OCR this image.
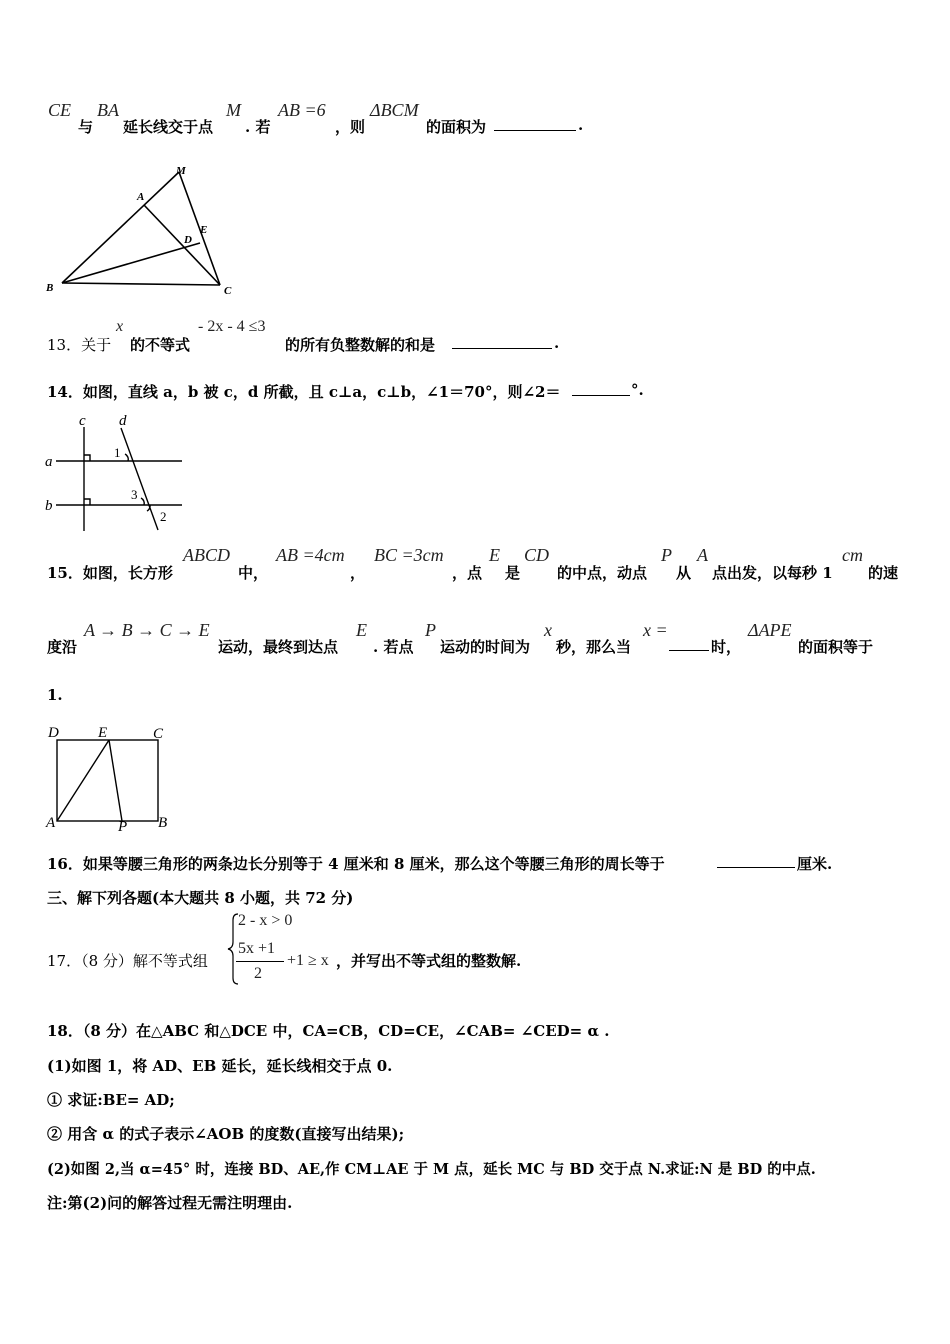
CE
与
BA
延长线交于点
M
. 若
AB =6
，则
ΔBCM
的面积为	.
M
A
D
E
B	C
13．关于
x
的不等式
- 2x - 4 ≤3
的所有负整数解的和是	.
14．如图，直线 a，b 被 c，d 所截，且 c⊥a，c⊥b，∠1＝70°，则∠2＝	°.
c d
a
b
1
3
2
15．如图，长方形
ABCD
中，
AB =4cm
，
BC =3cm
，点
E
是
CD
的中点，动点
P
从
A
点出发，以每秒 1
cm
的速
度沿
A → B → C → E
运动，最终到达点
E
. 若点
P
运动的时间为
x
秒，那么当
x =
时，
ΔAPE
的面积等于
1.
D	E	C
A	P B
16．如果等腰三角形的两条边长分别等于 4 厘米和 8 厘米，那么这个等腰三角形的周长等于	厘米.
三、解下列各题(本大题共 8 小题，共 72 分)
17．（8 分）解不等式组
2 - x > 0
5x +1
2
+1 ≥ x ，并写出不等式组的整数解.
18．（8 分）在△ABC 和△DCE 中，CA=CB，CD=CE，∠CAB= ∠CED= α .
(1)如图 1，将 AD、EB 延长，延长线相交于点 0.
① 求证:BE= AD;
② 用含 α 的式子表示∠AOB 的度数(直接写出结果);
(2)如图 2,当 α=45° 时，连接 BD、AE,作 CM⊥AE 于 M 点，延长 MC 与 BD 交于点 N.求证:N 是 BD 的中点.
注:第(2)问的解答过程无需注明理由.
